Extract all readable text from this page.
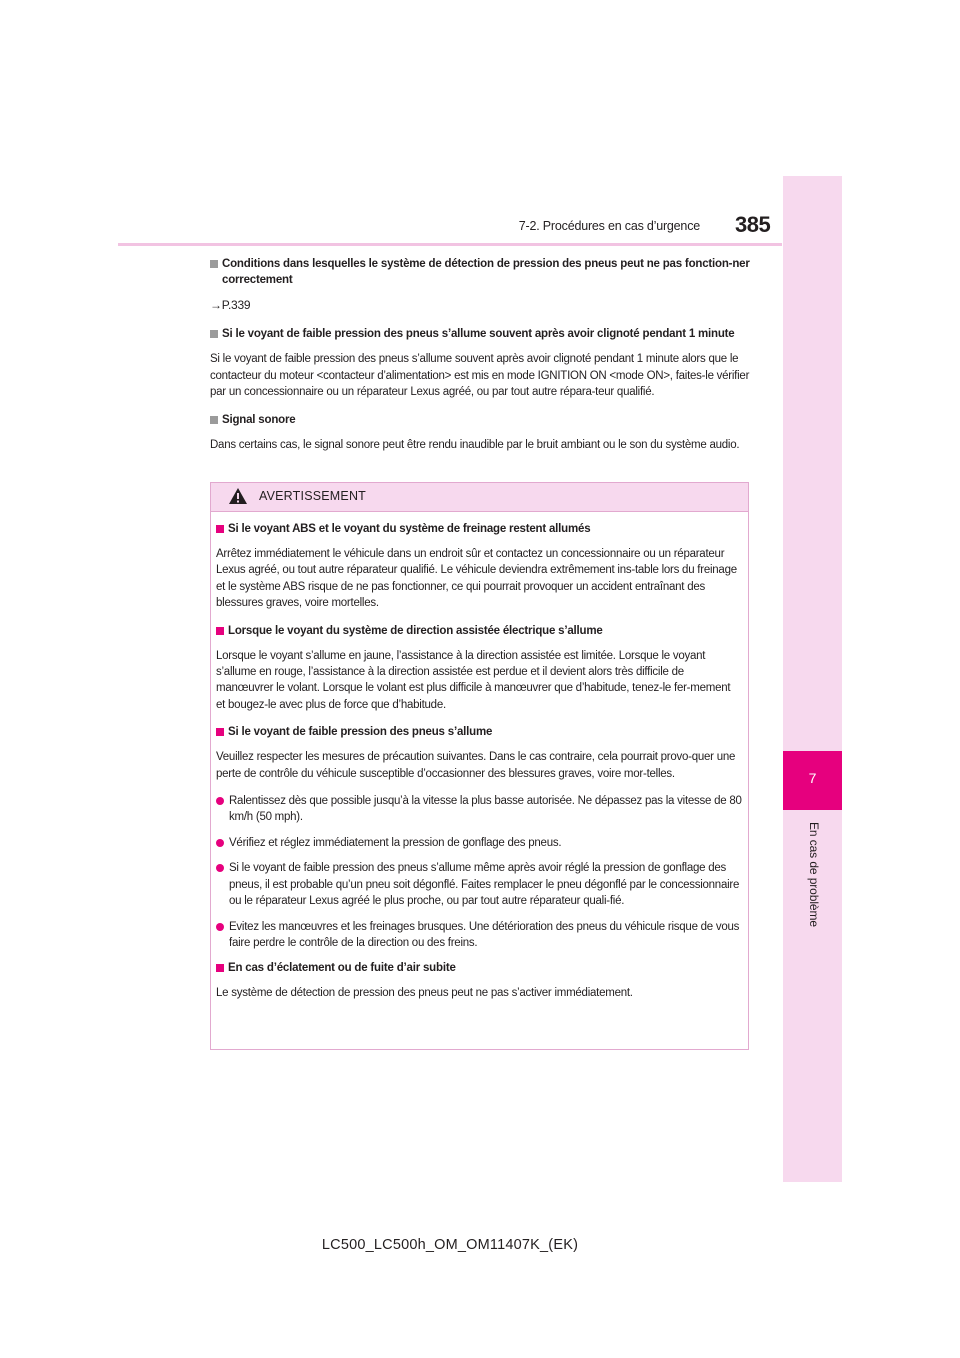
7
En cas de problème
7-2. Procédures en cas d’urgence 385
Conditions dans lesquelles le système de détection de pression des pneus peut ne pas fonction-ner correctement
→P.339
Si le voyant de faible pression des pneus s’allume souvent après avoir clignoté pendant 1 minute
Si le voyant de faible pression des pneus s’allume souvent après avoir clignoté pendant 1 minute alors que le contacteur du moteur <contacteur d’alimentation> est mis en mode IGNITION ON <mode ON>, faites-le vérifier par un concessionnaire ou un réparateur Lexus agréé, ou par tout autre répara-teur qualifié.
Signal sonore
Dans certains cas, le signal sonore peut être rendu inaudible par le bruit ambiant ou le son du système audio.
AVERTISSEMENT
Si le voyant ABS et le voyant du système de freinage restent allumés
Arrêtez immédiatement le véhicule dans un endroit sûr et contactez un concessionnaire ou un réparateur Lexus agréé, ou tout autre réparateur qualifié. Le véhicule deviendra extrêmement ins-table lors du freinage et le système ABS risque de ne pas fonctionner, ce qui pourrait provoquer un accident entraînant des blessures graves, voire mortelles.
Lorsque le voyant du système de direction assistée électrique s’allume
Lorsque le voyant s’allume en jaune, l’assistance à la direction assistée est limitée. Lorsque le voyant s’allume en rouge, l’assistance à la direction assistée est perdue et il devient alors très difficile de manœuvrer le volant. Lorsque le volant est plus difficile à manœuvrer que d’habitude, tenez-le fer-mement et bougez-le avec plus de force que d’habitude.
Si le voyant de faible pression des pneus s’allume
Veuillez respecter les mesures de précaution suivantes. Dans le cas contraire, cela pourrait provo-quer une perte de contrôle du véhicule susceptible d’occasionner des blessures graves, voire mor-telles.
Ralentissez dès que possible jusqu’à la vitesse la plus basse autorisée. Ne dépassez pas la vitesse de 80 km/h (50 mph).
Vérifiez et réglez immédiatement la pression de gonflage des pneus.
Si le voyant de faible pression des pneus s’allume même après avoir réglé la pression de gonflage des pneus, il est probable qu’un pneu soit dégonflé. Faites remplacer le pneu dégonflé par le concessionnaire ou le réparateur Lexus agréé le plus proche, ou par tout autre réparateur quali-fié.
Evitez les manœuvres et les freinages brusques. Une détérioration des pneus du véhicule risque de vous faire perdre le contrôle de la direction ou des freins.
En cas d’éclatement ou de fuite d’air subite
Le système de détection de pression des pneus peut ne pas s’activer immédiatement.
LC500_LC500h_OM_OM11407K_(EK)
